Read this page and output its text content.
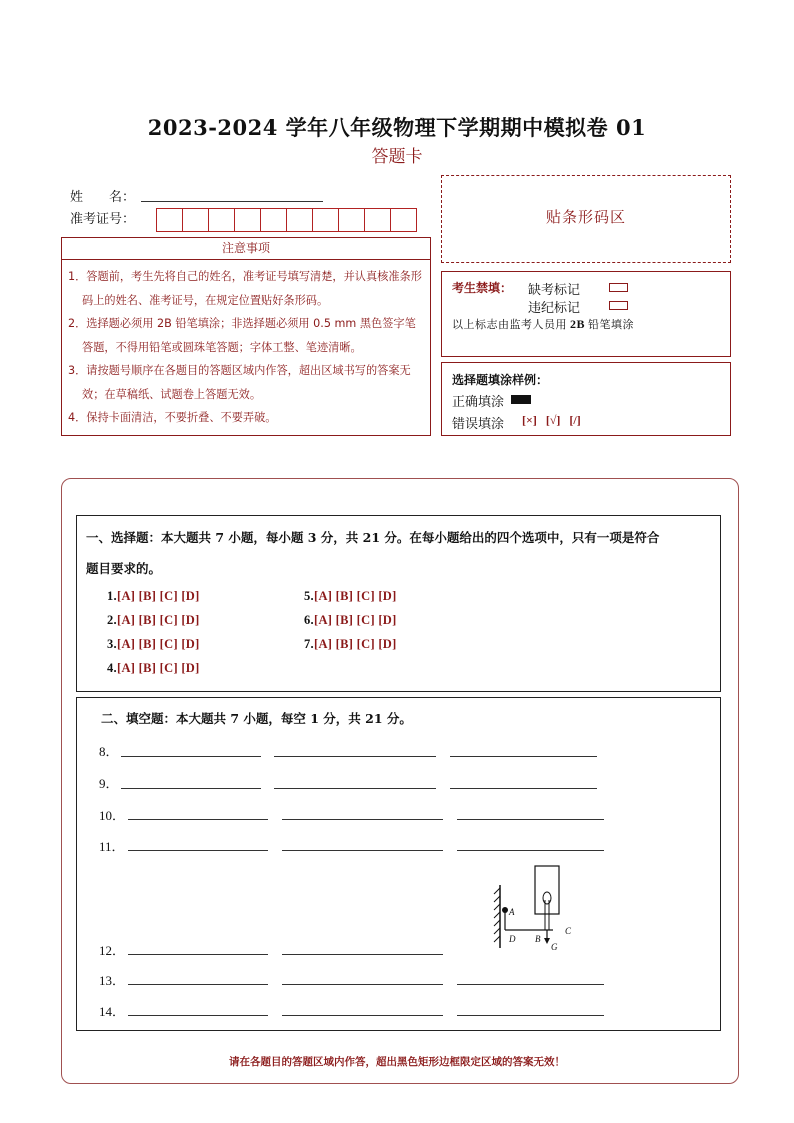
2023-2024 学年八年级物理下学期期中模拟卷 01
答题卡
姓　　名：
准考证号：
注意事项
1．答题前，考生先将自己的姓名，准考证号填写清楚，并认真核准条形码上的姓名、准考证号，在规定位置贴好条形码。
2．选择题必须用 2B 铅笔填涂；非选择题必须用 0.5 mm 黑色签字笔答题，不得用铅笔或圆珠笔答题；字体工整、笔迹清晰。
3．请按题号顺序在各题目的答题区域内作答，超出区域书写的答案无效；在草稿纸、试题卷上答题无效。
4．保持卡面清洁，不要折叠、不要弄破。
贴条形码区
考生禁填： 缺考标记
违纪标记
以上标志由监考人员用 2B 铅笔填涂
选择题填涂样例：
正确填涂
错误填涂 [×] [√] [/]
一、选择题：本大题共 7 小题，每小题 3 分，共 21 分。在每小题给出的四个选项中，只有一项是符合
题目要求的。
1.[A] [B] [C] [D]
2.[A] [B] [C] [D]
3.[A] [B] [C] [D]
4.[A] [B] [C] [D]
5.[A] [B] [C] [D]
6.[A] [B] [C] [D]
7.[A] [B] [C] [D]
二、填空题：本大题共 7 小题，每空 1 分，共 21 分。
8．
9．
10．
11．
A
B
C
D
G
12．
13．
14．
请在各题目的答题区域内作答，超出黑色矩形边框限定区域的答案无效！
